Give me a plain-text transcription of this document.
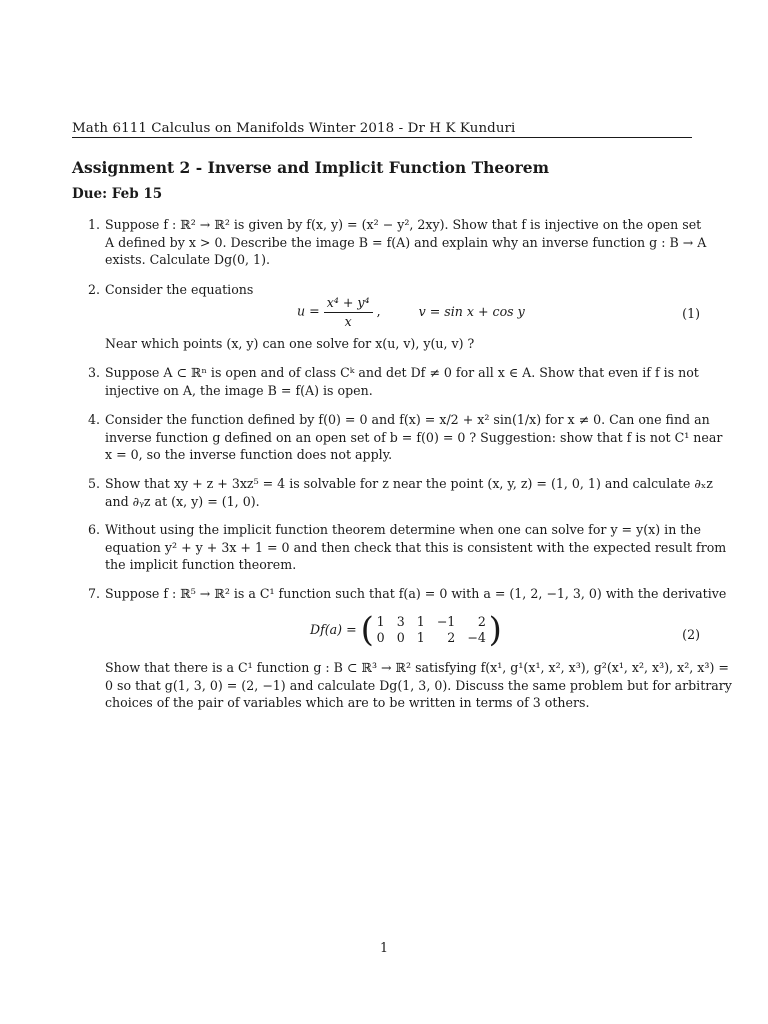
Math 6111 Calculus on Manifolds Winter 2018 - Dr H K Kunduri
Assignment 2 - Inverse and Implicit Function Theorem
Due: Feb 15
1. Suppose f : ℝ² → ℝ² is given by f(x, y) = (x² − y², 2xy). Show that f is injective on the open set
A defined by x > 0. Describe the image B = f(A) and explain why an inverse function g : B → A
exists. Calculate Dg(0, 1).
2. Consider the equations
$u = \frac{\text{x⁴ + y⁴}}{x}$ ,	v = sin x + cos y	(1)
Near which points (x, y) can one solve for x(u, v), y(u, v) ?
3. Suppose A ⊂ ℝⁿ is open and of class Cᵏ and det Df ≠ 0 for all x ∈ A. Show that even if f is not
injective on A, the image B = f(A) is open.
4. Consider the function defined by f(0) = 0 and f(x) = x/2 + x² sin(1/x) for x ≠ 0. Can one find an
inverse function g defined on an open set of b = f(0) = 0 ? Suggestion: show that f is not C¹ near
x = 0, so the inverse function does not apply.
5. Show that xy + z + 3xz⁵ = 4 is solvable for z near the point (x, y, z) = (1, 0, 1) and calculate ∂ₓz
and ∂ᵧz at (x, y) = (1, 0).
6. Without using the implicit function theorem determine when one can solve for y = y(x) in the
equation y² + y + 3x + 1 = 0 and then check that this is consistent with the expected result from
the implicit function theorem.
7. Suppose f : ℝ⁵ → ℝ² is a C¹ function such that f(a) = 0 with a = (1, 2, −1, 3, 0) with the derivative
Df(a) = ( 1	3	1	−1	2
0	0	1	2	−4 )	(2)
Show that there is a C¹ function g : B ⊂ ℝ³ → ℝ² satisfying f(x¹, g¹(x¹, x², x³), g²(x¹, x², x³), x², x³) =
0 so that g(1, 3, 0) = (2, −1) and calculate Dg(1, 3, 0). Discuss the same problem but for arbitrary
choices of the pair of variables which are to be written in terms of 3 others.
1
